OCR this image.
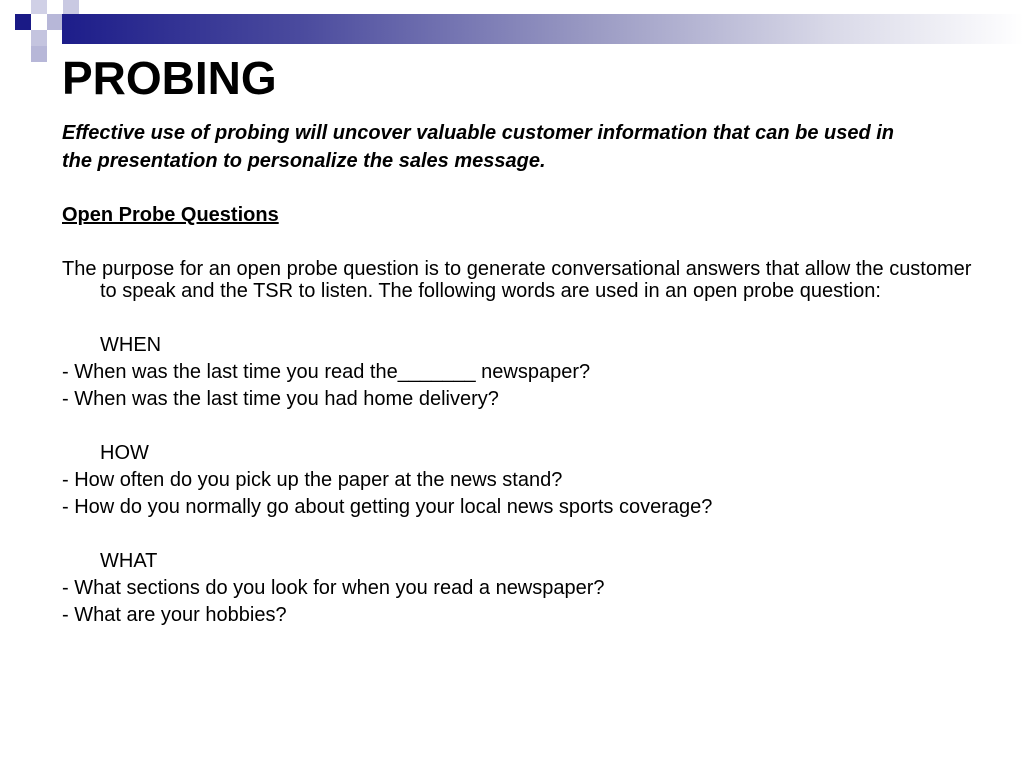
PROBING

Effective use of probing will uncover valuable customer information that can be used in

the presentation to personalize the sales message.

Open Probe Questions

The purpose for an open probe question is to generate conversational answers that allow the customer to speak and the TSR to listen. The following words are used in an open probe question:

WHEN

- When was the last time you read the_______ newspaper?

- When was the last time you had home delivery?

HOW

- How often do you pick up the paper at the news stand?

- How do you normally go about getting your local news sports coverage?

WHAT

- What sections do you look for when you read a newspaper?

- What are your hobbies?
